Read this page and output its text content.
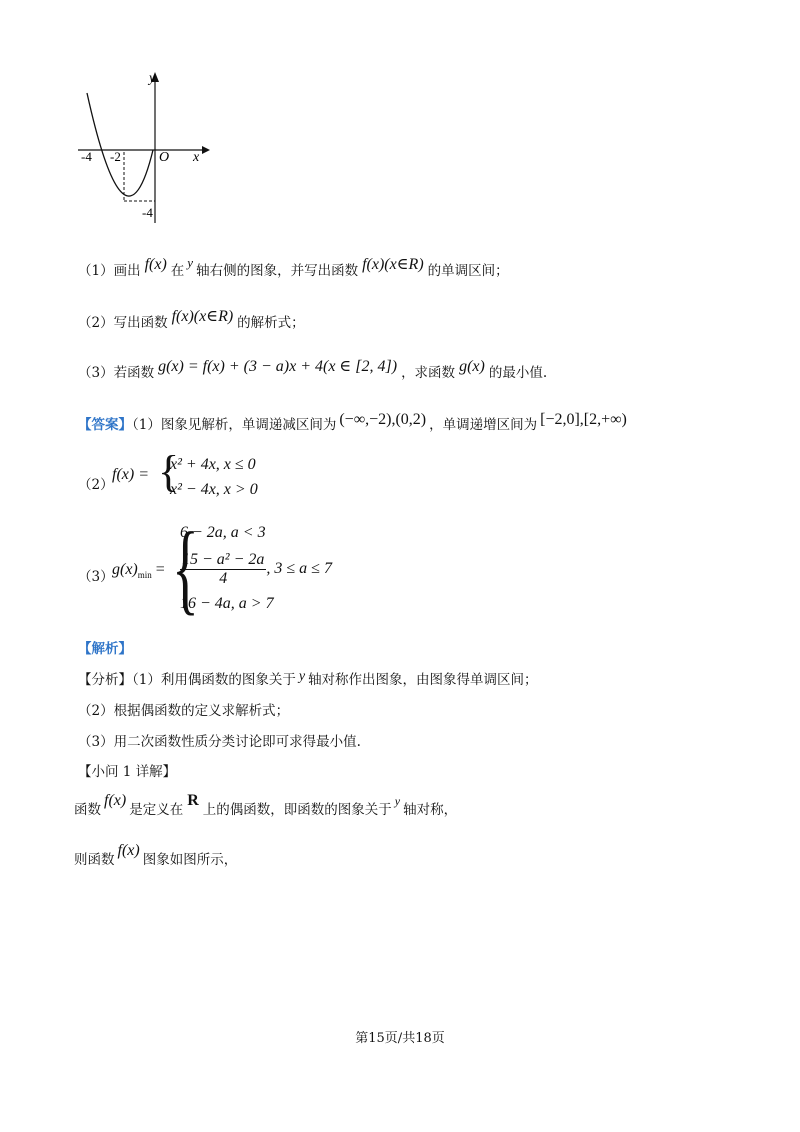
y
x
O
-4 -2
-4
（1）画出 f(x) 在y轴右侧的图象，并写出函数 f(x)(x∈R) 的单调区间；
（2）写出函数 f(x)(x∈R) 的解析式；
（3）若函数 g(x) = f(x) + (3 − a)x + 4(x ∈ [2, 4]) ，求函数 g(x) 的最小值.
【答案】（1）图象见解析，单调递减区间为 (−∞,−2),(0,2) ，单调递增区间为 [−2,0],[2,+∞)
（2）
f(x) = {
x² + 4x, x ≤ 0
x² − 4x, x > 0
（3）
$g(x)_{min}$ = {
6 − 2a, a < 3
$\frac{\text{15 − a² − 2a}}{4}$ , 3 ≤ a ≤ 7
16 − 4a, a > 7
【解析】
【分析】（1）利用偶函数的图象关于 y 轴对称作出图象，由图象得单调区间；
（2）根据偶函数的定义求解析式；
（3）用二次函数性质分类讨论即可求得最小值.
【小问 1 详解】
函数f(x)是定义在R上的偶函数，即函数的图象关于y轴对称，
则函数f(x)图象如图所示，
第15页/共18页
